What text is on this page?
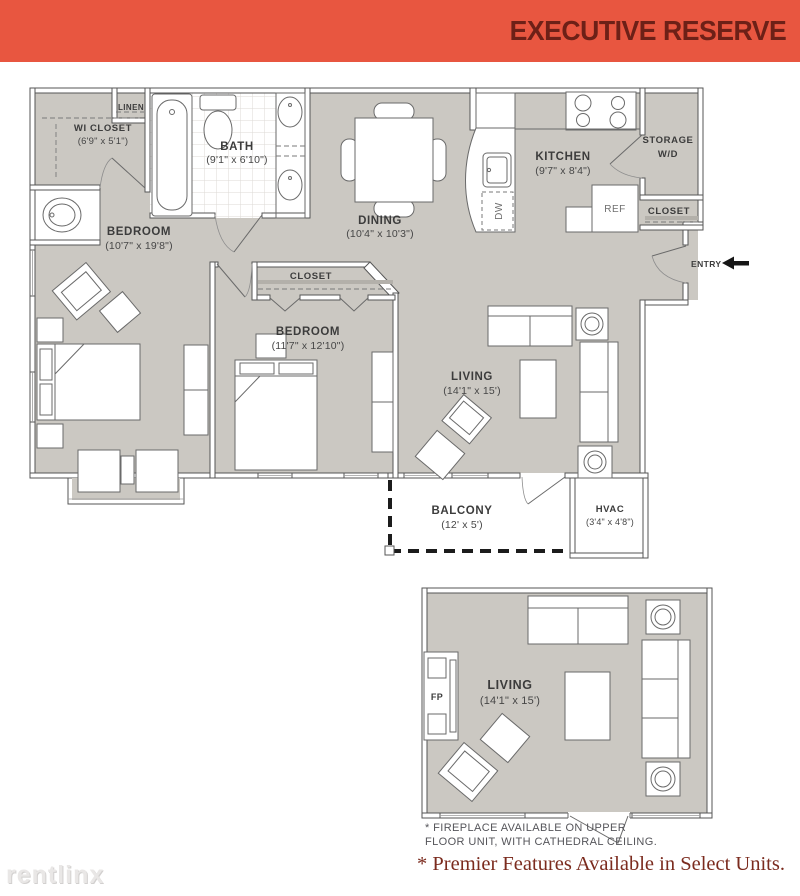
EXECUTIVE RESERVE
DW	REF
WI CLOSET
(6'9" x 5'1")
LINEN
BATH
(9'1" x 6'10")
DINING
(10'4" x 10'3")
KITCHEN
(9'7" x 8'4")
STORAGE
W/D
CLOSET
BEDROOM
(10'7" x 19'8")
CLOSET
BEDROOM
(11'7" x 12'10")
LIVING
(14'1" x 15')
BALCONY
(12' x 5')
HVAC
(3'4" x 4'8")
ENTRY
FP
LIVING
(14'1" x 15')
* FIREPLACE AVAILABLE ON UPPER
FLOOR UNIT, WITH CATHEDRAL CEILING.
* Premier Features Available in Select Units.
rentlinx
